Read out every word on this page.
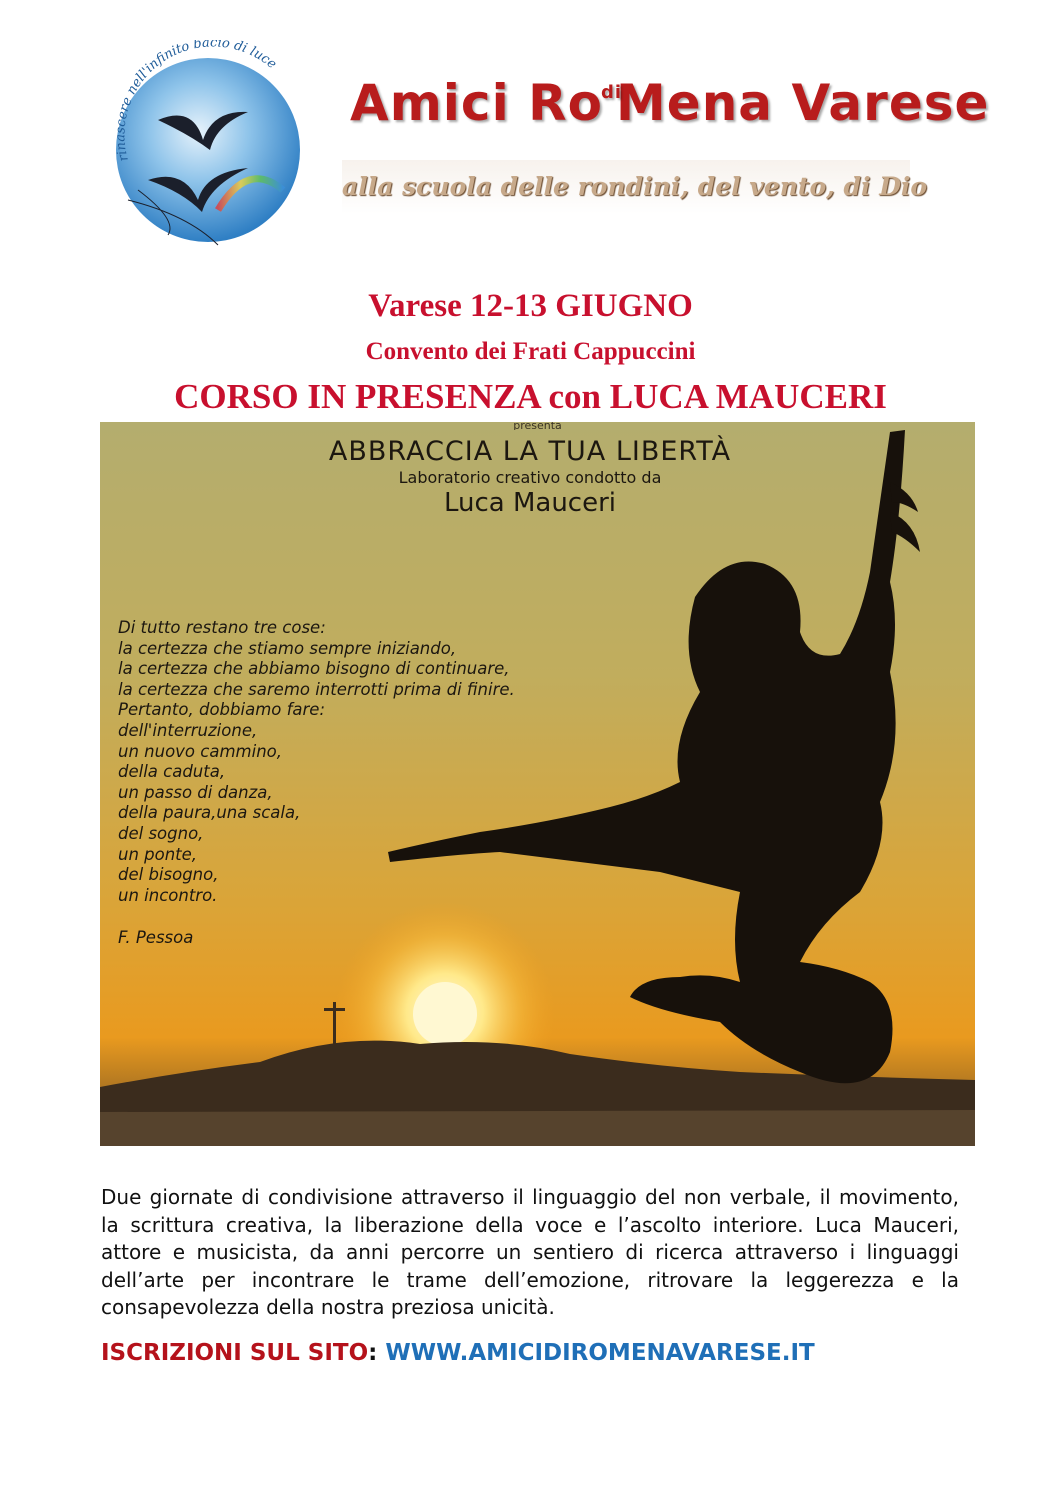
rinascere nell'infinito bacio di luce
Amici $Ro^{di}Mena$ Varese
alla scuola delle rondini, del vento, di Dio
Varese 12-13 GIUGNO
Convento dei Frati Cappuccini
CORSO IN PRESENZA con LUCA MAUCERI
presenta
ABBRACCIA LA TUA LIBERTÀ
Laboratorio creativo condotto da
Luca Mauceri
Di tutto restano tre cose:
la certezza che stiamo sempre iniziando,
la certezza che abbiamo bisogno di continuare,
la certezza che saremo interrotti prima di finire.
Pertanto, dobbiamo fare:
dell'interruzione,
un nuovo cammino,
della caduta,
un passo di danza,
della paura,una scala,
del sogno,
un ponte,
del bisogno,
un incontro.
F. Pessoa
Due giornate di condivisione attraverso il linguaggio del non verbale, il movimento, la scrittura creativa, la liberazione della voce e l’ascolto interiore. Luca Mauceri, attore e musicista, da anni percorre un sentiero di ricerca attraverso i linguaggi dell’arte per incontrare le trame dell’emozione, ritrovare la leggerezza e la consapevolezza della nostra preziosa unicità.
ISCRIZIONI SUL SITO: WWW.AMICIDIROMENAVARESE.IT
